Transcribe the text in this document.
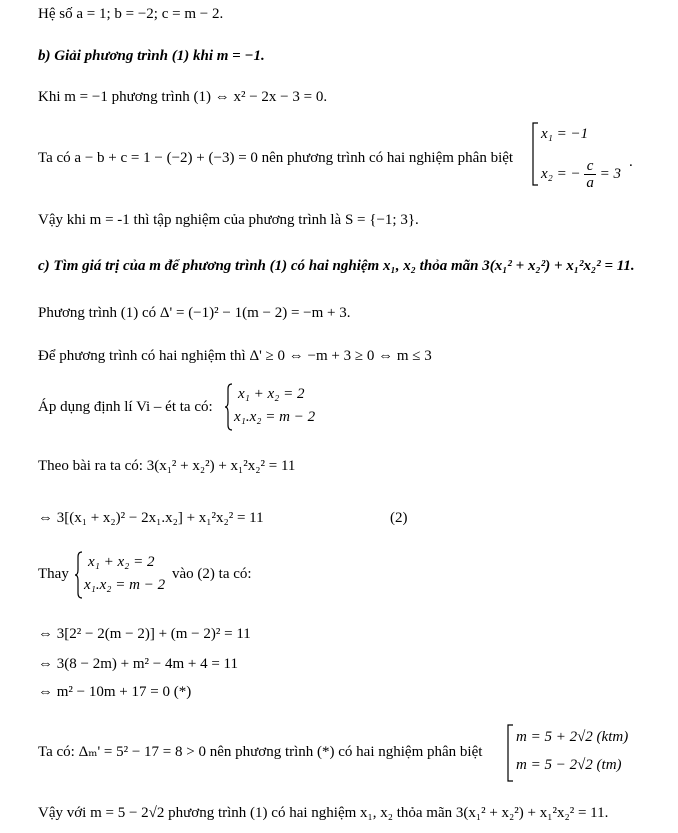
Hệ số a = 1; b = −2; c = m − 2.
b) Giải phương trình (1) khi m = −1.
Khi m = −1 phương trình (1) ⇔ x² − 2x − 3 = 0.
Ta có a − b + c = 1 − (−2) + (−3) = 0 nên phương trình có hai nghiệm phân biệt
x₁ = −1
x₂ = − $\frac{c}{a} = 3$
.
Vậy khi m = -1 thì tập nghiệm của phương trình là S = {−1; 3}.
c) Tìm giá trị của m để phương trình (1) có hai nghiệm x₁, x₂ thỏa mãn 3(x₁² + x₂²) + x₁²x₂² = 11.
Phương trình (1) có Δ' = (−1)² − 1(m − 2) = −m + 3.
Để phương trình có hai nghiệm thì Δ' ≥ 0 ⇔ −m + 3 ≥ 0 ⇔ m ≤ 3
Áp dụng định lí Vi – ét ta có:
x₁ + x₂ = 2
x₁.x₂ = m − 2
Theo bài ra ta có: 3(x₁² + x₂²) + x₁²x₂² = 11
⇔ 3[(x₁ + x₂)² − 2x₁.x₂] + x₁²x₂² = 11	(2)
Thay
x₁ + x₂ = 2
x₁.x₂ = m − 2
vào (2) ta có:
⇔ 3[2² − 2(m − 2)] + (m − 2)² = 11
⇔ 3(8 − 2m) + m² − 4m + 4 = 11
⇔ m² − 10m + 17 = 0 (*)
Ta có: Δₘ' = 5² − 17 = 8 > 0 nên phương trình (*) có hai nghiệm phân biệt
m = 5 + 2√2 (ktm)
m = 5 − 2√2 (tm)
Vậy với m = 5 − 2√2 phương trình (1) có hai nghiệm x₁, x₂ thỏa mãn 3(x₁² + x₂²) + x₁²x₂² = 11.
